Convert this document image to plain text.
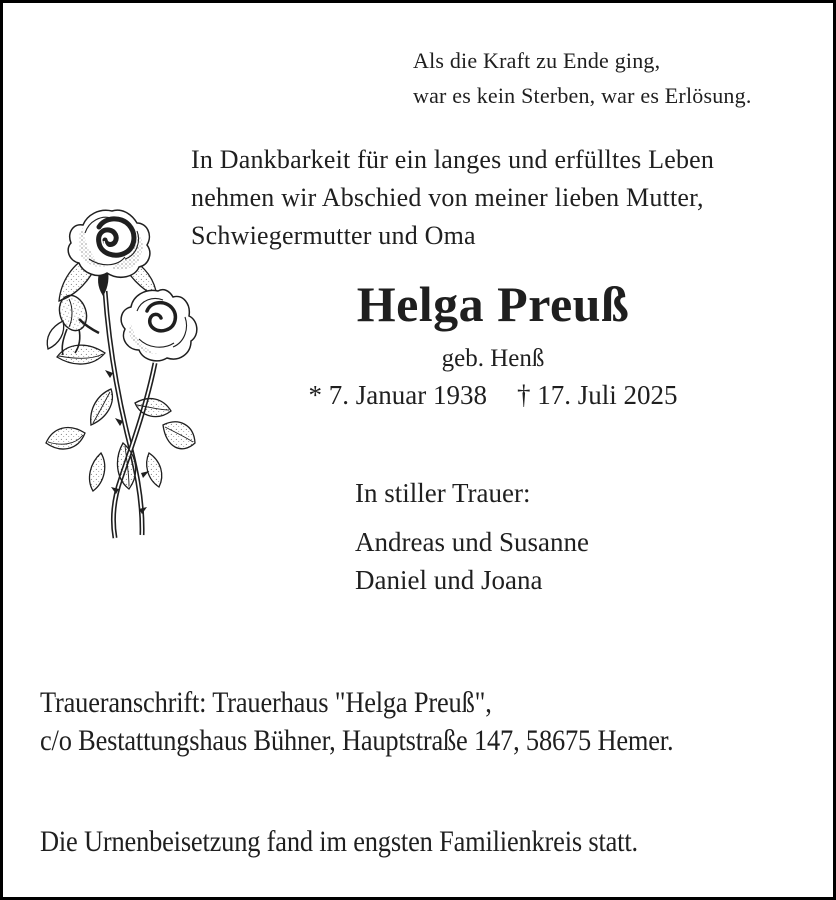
Als die Kraft zu Ende ging,
war es kein Sterben, war es Erlösung.
In Dankbarkeit für ein langes und erfülltes Leben
nehmen wir Abschied von meiner lieben Mutter,
Schwiegermutter und Oma
Helga Preuß
geb. Henß
* 7. Januar 1938 † 17. Juli 2025
In stiller Trauer:
Andreas und Susanne
Daniel und Joana
Traueranschrift: Trauerhaus "Helga Preuß",
c/o Bestattungshaus Bühner, Hauptstraße 147, 58675 Hemer.
Die Urnenbeisetzung fand im engsten Familienkreis statt.
